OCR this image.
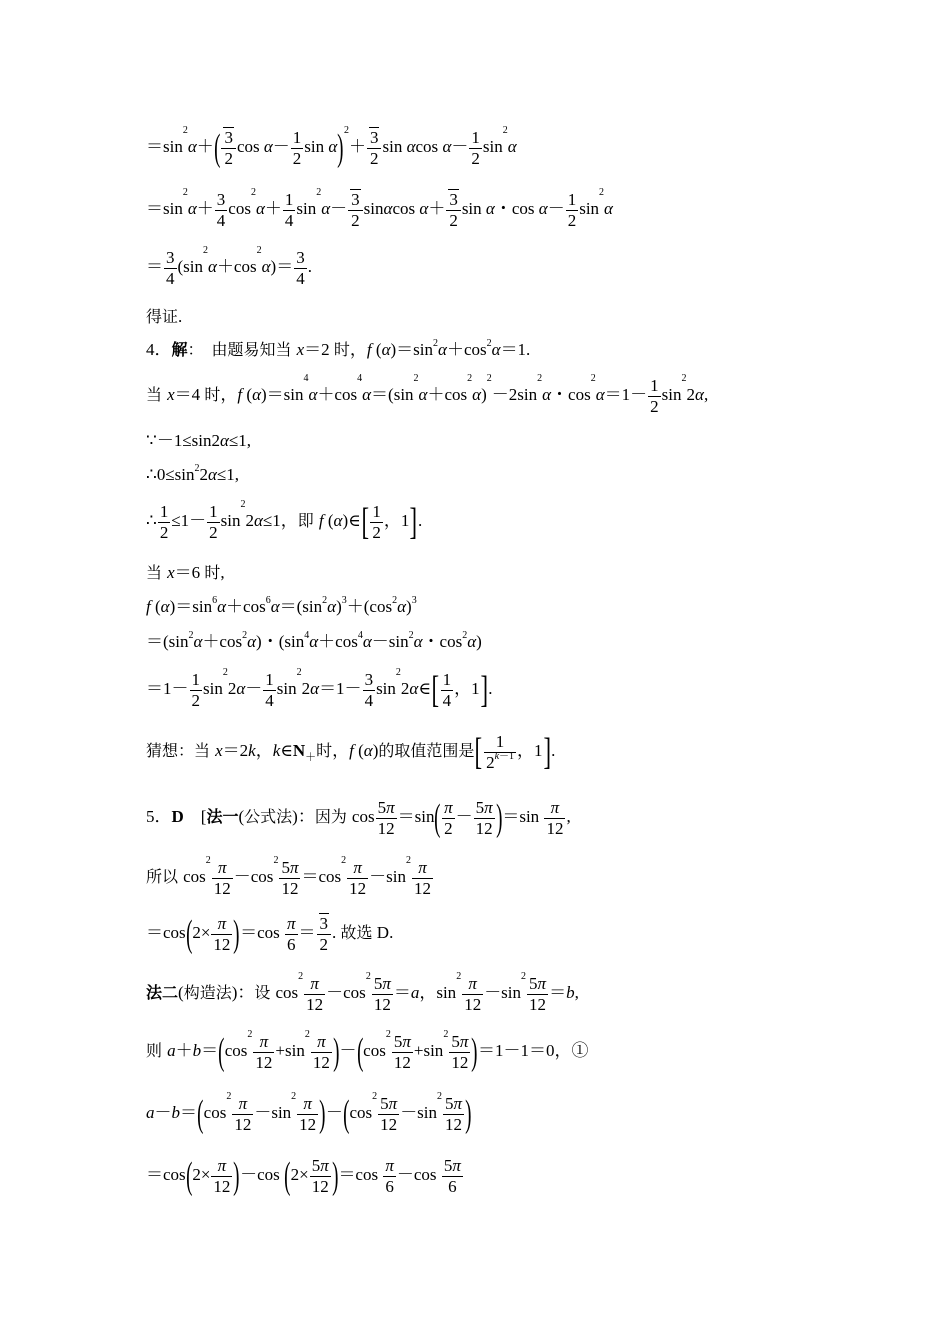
$=\sin^2\alpha+( \frac{3}{2}$ $\cos \alpha- \frac{1}{2}$ $\sin \alpha)^2+ \frac{3}{2}$ sin αcos $\alpha- \frac{1}{2} \sin^2\alpha$
$=\sin^2\alpha+ \frac{3}{4} \cos^2\alpha+ \frac{1}{4} \sin^2\alpha- \frac{3}{2}$ sinαcos $\alpha+ \frac{3}{2}$ sin α・$\cos \alpha- \frac{1}{2} \sin^2\alpha$
＝ $\frac{3}{4} (\sin^2\alpha+\cos^2\alpha)= \frac{3}{4}$ .
得证.
4．解：　由题易知当 x＝2 时，f $(\alpha)=\sin^2\alpha+\cos^2\alpha=1$.
当 x＝4 时，f $(\alpha)=\sin^4\alpha+\cos^4\alpha=(\sin^2\alpha+\cos^2\alpha)^2-2\sin^2\alpha$・$\cos^2\alpha=1- \frac{1}{2} \sin^22\alpha$,
∵－1≤sin2α≤1,
$\therefore 0\le\sin^22\alpha\le 1$,
∴ $\frac{1}{2} \le 1- \frac{1}{2} \sin^22\alpha\le 1$，即 f (α)∈[ $\frac{1}{2}$ ，1].
当 x＝6 时,
f $(\alpha)=\sin^6\alpha+\cos^6\alpha=(\sin^2\alpha)^3+(\cos^2\alpha)^3$
$=(\sin^2\alpha+\cos^2\alpha)$・($\sin^4\alpha+\cos^4\alpha-\sin^2\alpha$・$\cos^2\alpha$)
$=1- \frac{1}{2} \sin^22\alpha- \frac{1}{4} \sin^22\alpha=1- \frac{3}{4}$ $\sin^22\alpha\in[ \frac{1}{4}$ ，1].
猜想：当 x＝2k，$k\in N_+$时，f (α)的取值范围是[ $\frac{1}{2^{k-1}}$ ，1].
5．D　[法一(公式法)：因为 $\cos \frac{5\pi}{12} =\sin( \frac{\pi}{2} - \frac{5\pi}{12} )=\sin \frac{\pi}{12}$ ,
所以 $\cos^2 \frac{\pi}{12} -\cos^2 \frac{5\pi}{12} =\cos^2 \frac{\pi}{12} -\sin^2 \frac{\pi}{12}$
$=\cos(2\times \frac{\pi}{12} )=\cos \frac{\pi}{6} = \frac{3}{2}$ . 故选 D.
法二(构造法)：设 $\cos^2 \frac{\pi}{12} -\cos^2 \frac{5\pi}{12} =a$，$\sin^2 \frac{\pi}{12} -\sin^2 \frac{5\pi}{12} =b$,
则 $a+b=(\cos^2 \frac{\pi}{12} +\sin^2 \frac{\pi}{12} )-(\cos^2 \frac{5\pi}{12} +\sin^2 \frac{5\pi}{12} )=1-1=0$，①
$a-b=(\cos^2 \frac{\pi}{12} -\sin^2 \frac{\pi}{12} )-(\cos^2 \frac{5\pi}{12} -\sin^2 \frac{5\pi}{12}$ )
$=\cos(2\times \frac{\pi}{12} )-\cos$ $(2\times \frac{5\pi}{12} )=\cos \frac{\pi}{6} -\cos \frac{5\pi}{6}$
